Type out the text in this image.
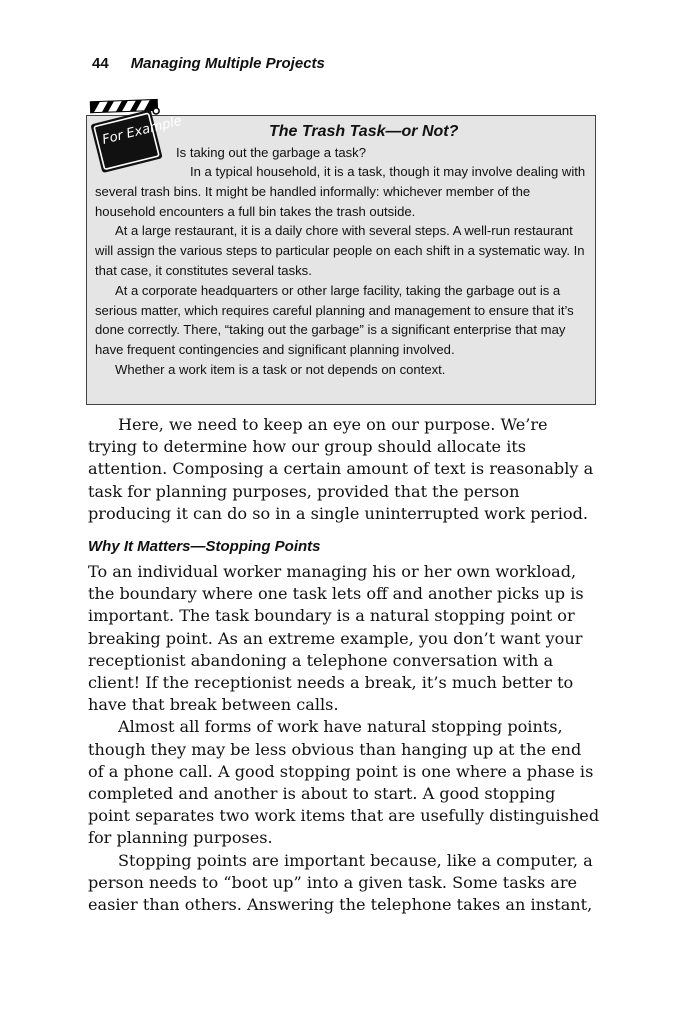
44 Managing Multiple Projects
The Trash Task—or Not?
Is taking out the garbage a task?

In a typical household, it is a task, though it may involve dealing with several trash bins. It might be handled informally: whichever member of the household encounters a full bin takes the trash outside.

At a large restaurant, it is a daily chore with several steps. A well-run restaurant will assign the various steps to particular people on each shift in a systematic way. In that case, it constitutes several tasks.

At a corporate headquarters or other large facility, taking the garbage out is a serious matter, which requires careful planning and management to ensure that it’s done correctly. There, “taking out the garbage” is a significant enterprise that may have frequent contingencies and significant planning involved.

Whether a work item is a task or not depends on context.

For Example

Here, we need to keep an eye on our purpose. We’re trying to determine how our group should allocate its attention. Composing a certain amount of text is reasonably a task for planning purposes, provided that the person producing it can do so in a single uninterrupted work period.

Why It Matters—Stopping Points

To an individual worker managing his or her own workload, the boundary where one task lets off and another picks up is important. The task boundary is a natural stopping point or breaking point. As an extreme example, you don’t want your receptionist abandoning a telephone conversation with a client! If the receptionist needs a break, it’s much better to have that break between calls.

Almost all forms of work have natural stopping points, though they may be less obvious than hanging up at the end of a phone call. A good stopping point is one where a phase is completed and another is about to start. A good stopping point separates two work items that are usefully distinguished for planning purposes.

Stopping points are important because, like a computer, a person needs to “boot up” into a given task. Some tasks are easier than others. Answering the telephone takes an instant,
